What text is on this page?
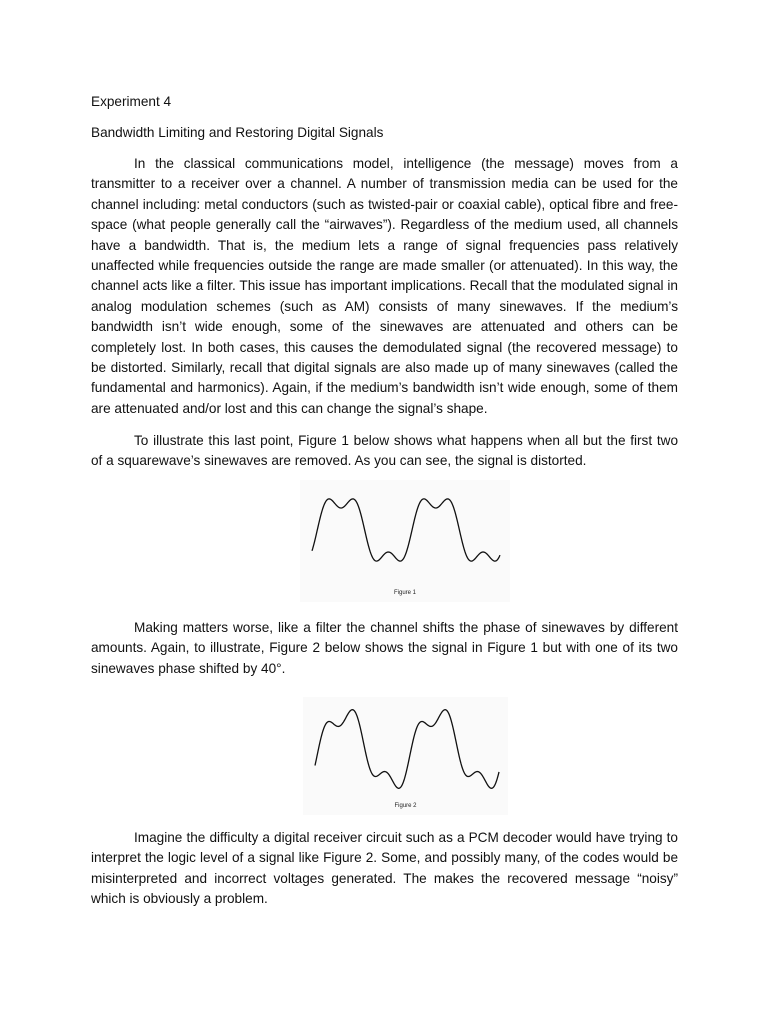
Experiment 4

Bandwidth Limiting and Restoring Digital Signals

In the classical communications model, intelligence (the message) moves from a transmitter to a receiver over a channel. A number of transmission media can be used for the channel including: metal conductors (such as twisted-pair or coaxial cable), optical fibre and free-space (what people generally call the “airwaves”). Regardless of the medium used, all channels have a bandwidth. That is, the medium lets a range of signal frequencies pass relatively unaffected while frequencies outside the range are made smaller (or attenuated). In this way, the channel acts like a filter. This issue has important implications. Recall that the modulated signal in analog modulation schemes (such as AM) consists of many sinewaves. If the medium’s bandwidth isn’t wide enough, some of the sinewaves are attenuated and others can be completely lost. In both cases, this causes the demodulated signal (the recovered message) to be distorted. Similarly, recall that digital signals are also made up of many sinewaves (called the fundamental and harmonics). Again, if the medium’s bandwidth isn’t wide enough, some of them are attenuated and/or lost and this can change the signal’s shape.

To illustrate this last point, Figure 1 below shows what happens when all but the first two of a squarewave’s sinewaves are removed. As you can see, the signal is distorted.

Figure 1

Making matters worse, like a filter the channel shifts the phase of sinewaves by different amounts. Again, to illustrate, Figure 2 below shows the signal in Figure 1 but with one of its two sinewaves phase shifted by 40°.

Figure 2

Imagine the difficulty a digital receiver circuit such as a PCM decoder would have trying to interpret the logic level of a signal like Figure 2. Some, and possibly many, of the codes would be misinterpreted and incorrect voltages generated. The makes the recovered message “noisy” which is obviously a problem.
